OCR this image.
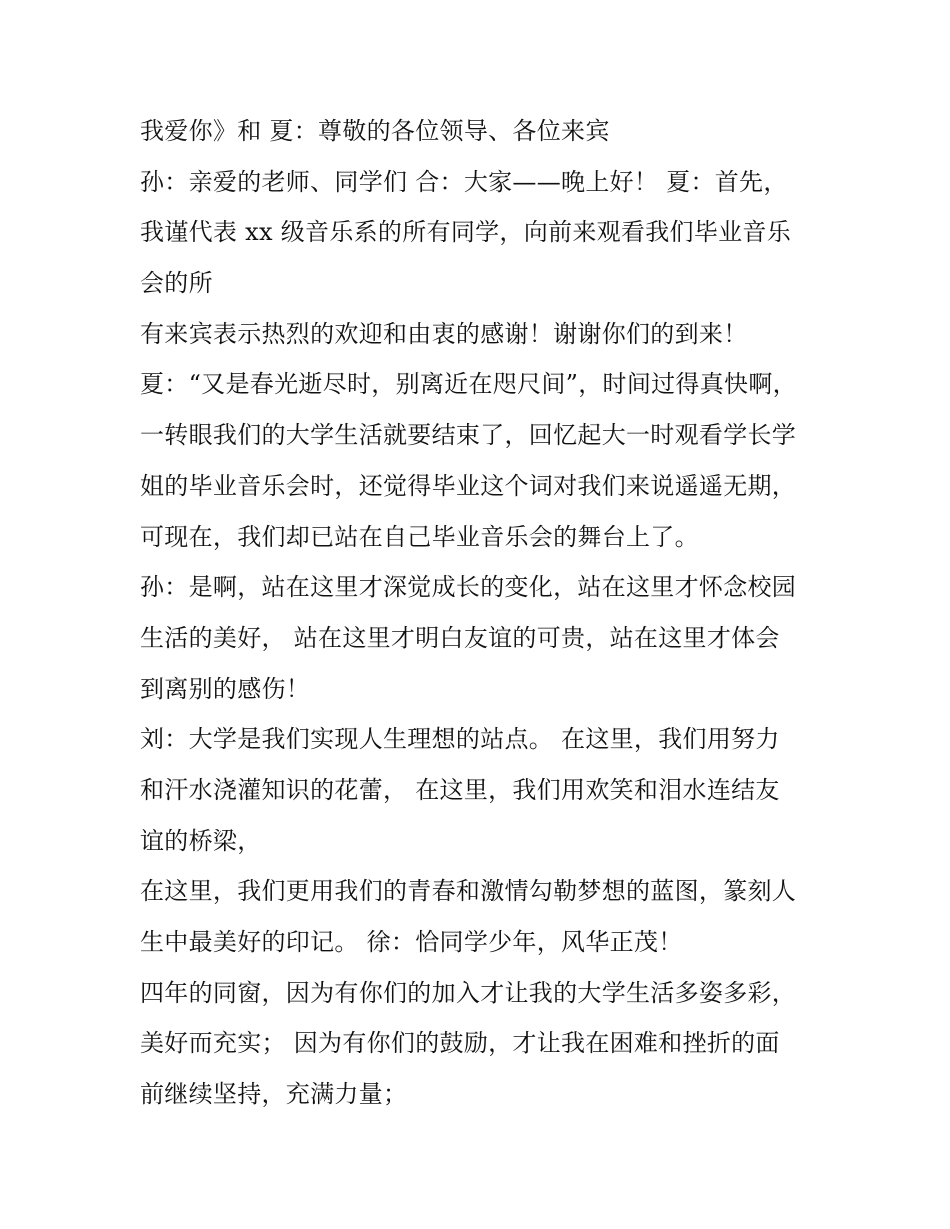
我爱你》和 夏：尊敬的各位领导、各位来宾
孙：亲爱的老师、同学们 合：大家——晚上好！ 夏：首先，
我谨代表 xx 级音乐系的所有同学，向前来观看我们毕业音乐
会的所
有来宾表示热烈的欢迎和由衷的感谢！谢谢你们的到来！
夏：“又是春光逝尽时，别离近在咫尺间”，时间过得真快啊，
一转眼我们的大学生活就要结束了，回忆起大一时观看学长学
姐的毕业音乐会时，还觉得毕业这个词对我们来说遥遥无期，
可现在，我们却已站在自己毕业音乐会的舞台上了。
孙：是啊，站在这里才深觉成长的变化，站在这里才怀念校园
生活的美好， 站在这里才明白友谊的可贵，站在这里才体会
到离别的感伤！
刘：大学是我们实现人生理想的站点。 在这里，我们用努力
和汗水浇灌知识的花蕾， 在这里，我们用欢笑和泪水连结友
谊的桥梁，
在这里，我们更用我们的青春和激情勾勒梦想的蓝图，篆刻人
生中最美好的印记。 徐：恰同学少年，风华正茂！
四年的同窗，因为有你们的加入才让我的大学生活多姿多彩，
美好而充实； 因为有你们的鼓励，才让我在困难和挫折的面
前继续坚持，充满力量；
